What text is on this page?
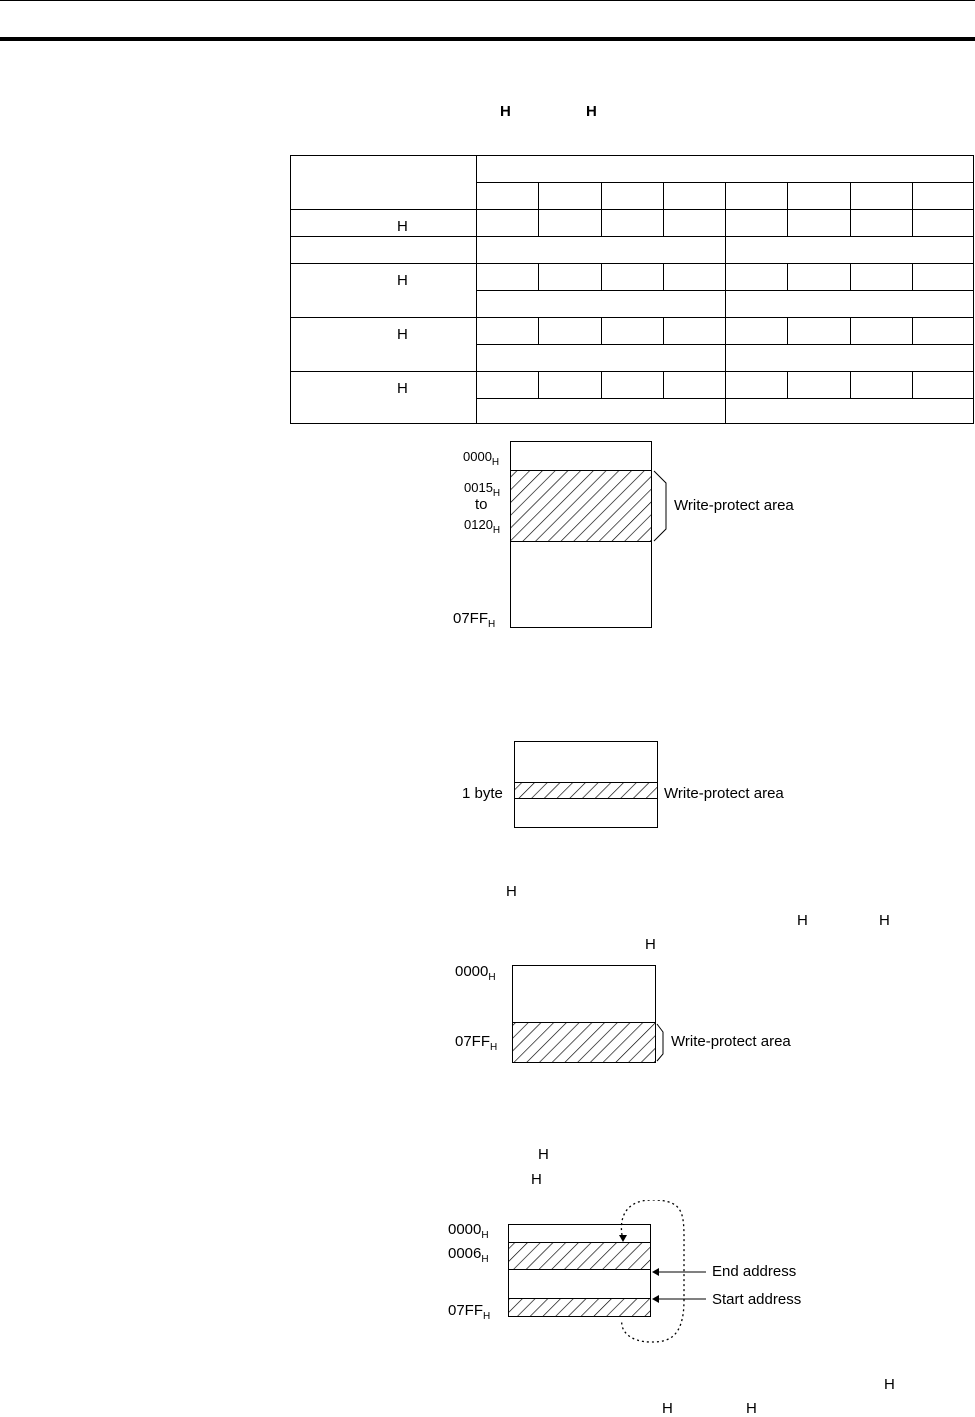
H	H
H
H
H
H
$0000_H$
$0015_H$
to
$0120_H$
$07FF_H$
Write-protect area
1 byte	Write-protect area
H
H	H
H
$0000_H$
$07FF_H$	Write-protect area
H
H
$0000_H$
$0006_H$
$07FF_H$
End address
Start address
H
H	H
